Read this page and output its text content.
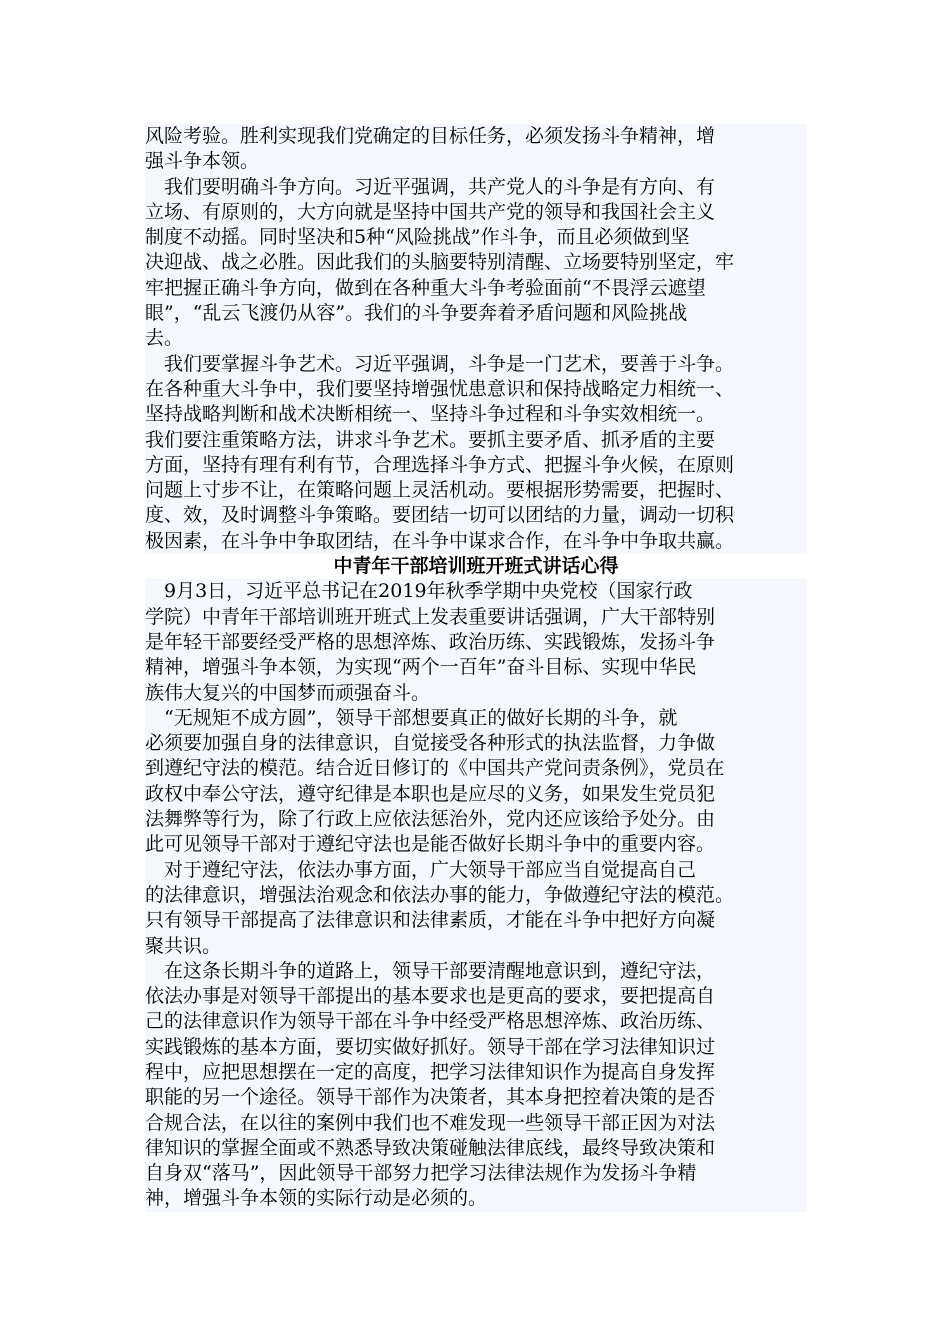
风险考验。胜利实现我们党确定的目标任务，必须发扬斗争精神，增
强斗争本领。
　我们要明确斗争方向。习近平强调，共产党人的斗争是有方向、有
立场、有原则的，大方向就是坚持中国共产党的领导和我国社会主义
制度不动摇。同时坚决和5种“风险挑战”作斗争，而且必须做到坚
决迎战、战之必胜。因此我们的头脑要特别清醒、立场要特别坚定，牢
牢把握正确斗争方向，做到在各种重大斗争考验面前“不畏浮云遮望
眼”，“乱云飞渡仍从容”。我们的斗争要奔着矛盾问题和风险挑战
去。
　我们要掌握斗争艺术。习近平强调，斗争是一门艺术，要善于斗争。
在各种重大斗争中，我们要坚持增强忧患意识和保持战略定力相统一、
坚持战略判断和战术决断相统一、坚持斗争过程和斗争实效相统一。
我们要注重策略方法，讲求斗争艺术。要抓主要矛盾、抓矛盾的主要
方面，坚持有理有利有节，合理选择斗争方式、把握斗争火候，在原则
问题上寸步不让，在策略问题上灵活机动。要根据形势需要，把握时、
度、效，及时调整斗争策略。要团结一切可以团结的力量，调动一切积
极因素，在斗争中争取团结，在斗争中谋求合作，在斗争中争取共赢。
中青年干部培训班开班式讲话心得
　9月3日，习近平总书记在2019年秋季学期中央党校（国家行政
学院）中青年干部培训班开班式上发表重要讲话强调，广大干部特别
是年轻干部要经受严格的思想淬炼、政治历练、实践锻炼，发扬斗争
精神，增强斗争本领，为实现“两个一百年”奋斗目标、实现中华民
族伟大复兴的中国梦而顽强奋斗。
　“无规矩不成方圆”，领导干部想要真正的做好长期的斗争，就
必须要加强自身的法律意识，自觉接受各种形式的执法监督，力争做
到遵纪守法的模范。结合近日修订的《中国共产党问责条例》，党员在
政权中奉公守法，遵守纪律是本职也是应尽的义务，如果发生党员犯
法舞弊等行为，除了行政上应依法惩治外，党内还应该给予处分。由
此可见领导干部对于遵纪守法也是能否做好长期斗争中的重要内容。
　对于遵纪守法，依法办事方面，广大领导干部应当自觉提高自己
的法律意识，增强法治观念和依法办事的能力，争做遵纪守法的模范。
只有领导干部提高了法律意识和法律素质，才能在斗争中把好方向凝
聚共识。
　在这条长期斗争的道路上，领导干部要清醒地意识到，遵纪守法，
依法办事是对领导干部提出的基本要求也是更高的要求，要把提高自
己的法律意识作为领导干部在斗争中经受严格思想淬炼、政治历练、
实践锻炼的基本方面，要切实做好抓好。领导干部在学习法律知识过
程中，应把思想摆在一定的高度，把学习法律知识作为提高自身发挥
职能的另一个途径。领导干部作为决策者，其本身把控着决策的是否
合规合法，在以往的案例中我们也不难发现一些领导干部正因为对法
律知识的掌握全面或不熟悉导致决策碰触法律底线，最终导致决策和
自身双“落马”，因此领导干部努力把学习法律法规作为发扬斗争精
神，增强斗争本领的实际行动是必须的。
